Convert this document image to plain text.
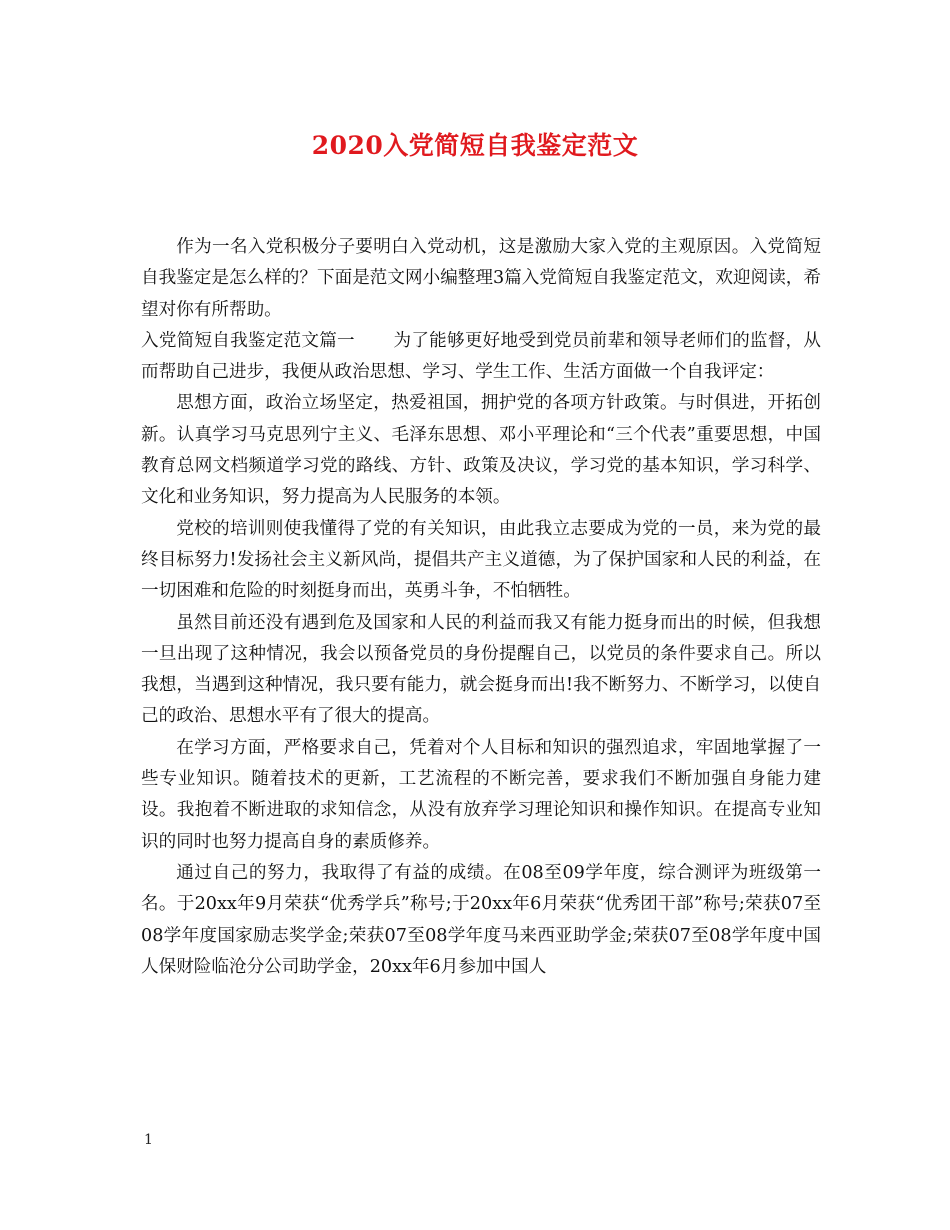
2020入党简短自我鉴定范文

作为一名入党积极分子要明白入党动机，这是激励大家入党的主观原因。入党简短自我鉴定是怎么样的？下面是范文网小编整理3篇入党简短自我鉴定范文，欢迎阅读，希望对你有所帮助。

入党简短自我鉴定范文篇一 为了能够更好地受到党员前辈和领导老师们的监督，从而帮助自己进步，我便从政治思想、学习、学生工作、生活方面做一个自我评定：

思想方面，政治立场坚定，热爱祖国，拥护党的各项方针政策。与时俱进，开拓创新。认真学习马克思列宁主义、毛泽东思想、邓小平理论和“三个代表”重要思想，中国教育总网文档频道学习党的路线、方针、政策及决议，学习党的基本知识，学习科学、文化和业务知识，努力提高为人民服务的本领。

党校的培训则使我懂得了党的有关知识，由此我立志要成为党的一员，来为党的最终目标努力!发扬社会主义新风尚，提倡共产主义道德，为了保护国家和人民的利益，在一切困难和危险的时刻挺身而出，英勇斗争，不怕牺牲。

虽然目前还没有遇到危及国家和人民的利益而我又有能力挺身而出的时候，但我想一旦出现了这种情况，我会以预备党员的身份提醒自己，以党员的条件要求自己。所以我想，当遇到这种情况，我只要有能力，就会挺身而出!我不断努力、不断学习，以使自己的政治、思想水平有了很大的提高。

在学习方面，严格要求自己，凭着对个人目标和知识的强烈追求，牢固地掌握了一些专业知识。随着技术的更新，工艺流程的不断完善，要求我们不断加强自身能力建设。我抱着不断进取的求知信念，从没有放弃学习理论知识和操作知识。在提高专业知识的同时也努力提高自身的素质修养。

通过自己的努力，我取得了有益的成绩。在08至09学年度，综合测评为班级第一名。于20xx年9月荣获“优秀学兵”称号;于20xx年6月荣获“优秀团干部”称号;荣获07至08学年度国家励志奖学金;荣获07至08学年度马来西亚助学金;荣获07至08学年度中国人保财险临沧分公司助学金，20xx年6月参加中国人

1
